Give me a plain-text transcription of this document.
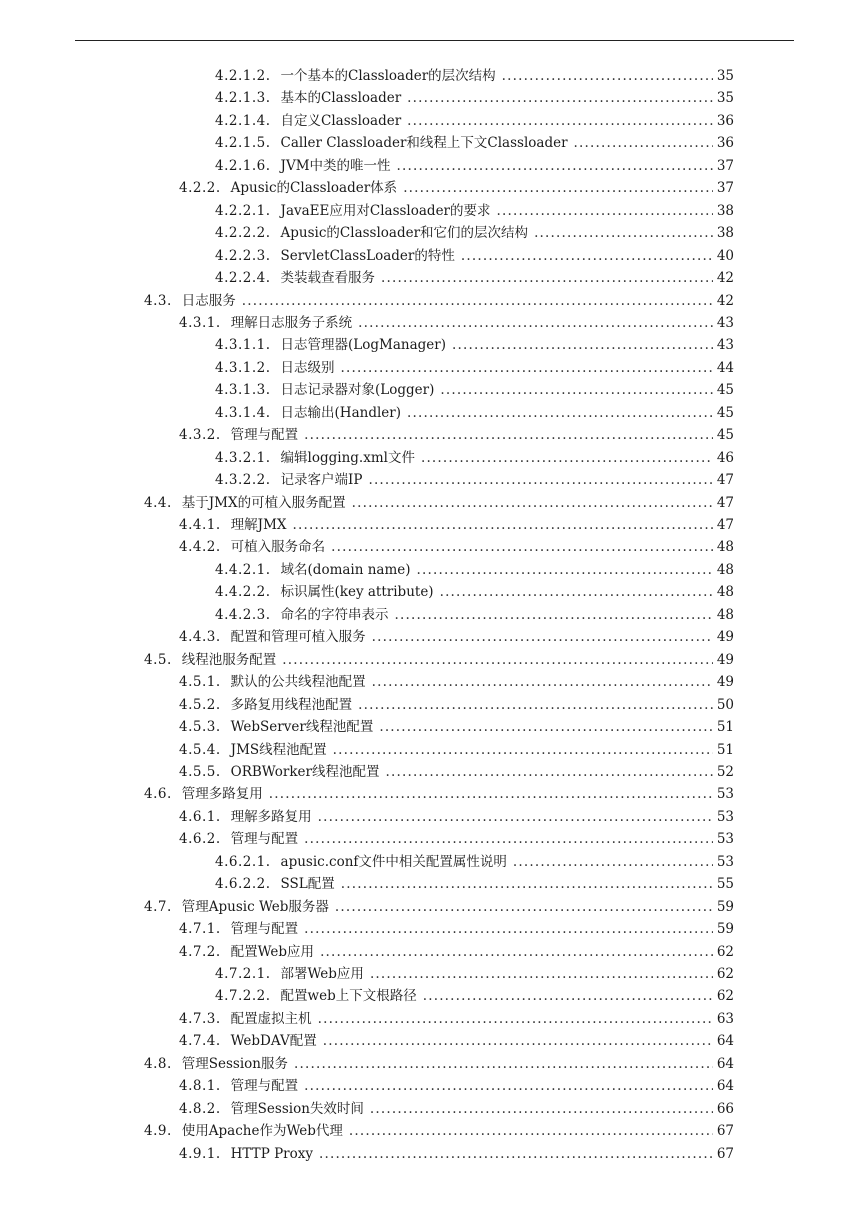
4.2.1.2. 一个基本的Classloader的层次结构 .....	35
4.2.1.3. 基本的Classloader .....	35
4.2.1.4. 自定义Classloader .....	36
4.2.1.5. Caller Classloader和线程上下文Classloader .....	36
4.2.1.6. JVM中类的唯一性 .....	37
4.2.2. Apusic的Classloader体系 .....	37
4.2.2.1. JavaEE应用对Classloader的要求 .....	38
4.2.2.2. Apusic的Classloader和它们的层次结构 .....	38
4.2.2.3. ServletClassLoader的特性 .....	40
4.2.2.4. 类装载查看服务 .....	42
4.3. 日志服务 .....	42
4.3.1. 理解日志服务子系统 .....	43
4.3.1.1. 日志管理器(LogManager) .....	43
4.3.1.2. 日志级别 .....	44
4.3.1.3. 日志记录器对象(Logger) .....	45
4.3.1.4. 日志输出(Handler) .....	45
4.3.2. 管理与配置 .....	45
4.3.2.1. 编辑logging.xml文件 .....	46
4.3.2.2. 记录客户端IP .....	47
4.4. 基于JMX的可植入服务配置 .....	47
4.4.1. 理解JMX .....	47
4.4.2. 可植入服务命名 .....	48
4.4.2.1. 域名(domain name) .....	48
4.4.2.2. 标识属性(key attribute) .....	48
4.4.2.3. 命名的字符串表示 .....	48
4.4.3. 配置和管理可植入服务 .....	49
4.5. 线程池服务配置 .....	49
4.5.1. 默认的公共线程池配置 .....	49
4.5.2. 多路复用线程池配置 .....	50
4.5.3. WebServer线程池配置 .....	51
4.5.4. JMS线程池配置 .....	51
4.5.5. ORBWorker线程池配置 .....	52
4.6. 管理多路复用 .....	53
4.6.1. 理解多路复用 .....	53
4.6.2. 管理与配置 .....	53
4.6.2.1. apusic.conf文件中相关配置属性说明 .....	53
4.6.2.2. SSL配置 .....	55
4.7. 管理Apusic Web服务器 .....	59
4.7.1. 管理与配置 .....	59
4.7.2. 配置Web应用 .....	62
4.7.2.1. 部署Web应用 .....	62
4.7.2.2. 配置web上下文根路径 .....	62
4.7.3. 配置虚拟主机 .....	63
4.7.4. WebDAV配置 .....	64
4.8. 管理Session服务 .....	64
4.8.1. 管理与配置 .....	64
4.8.2. 管理Session失效时间 .....	66
4.9. 使用Apache作为Web代理 .....	67
4.9.1. HTTP Proxy .....	67
